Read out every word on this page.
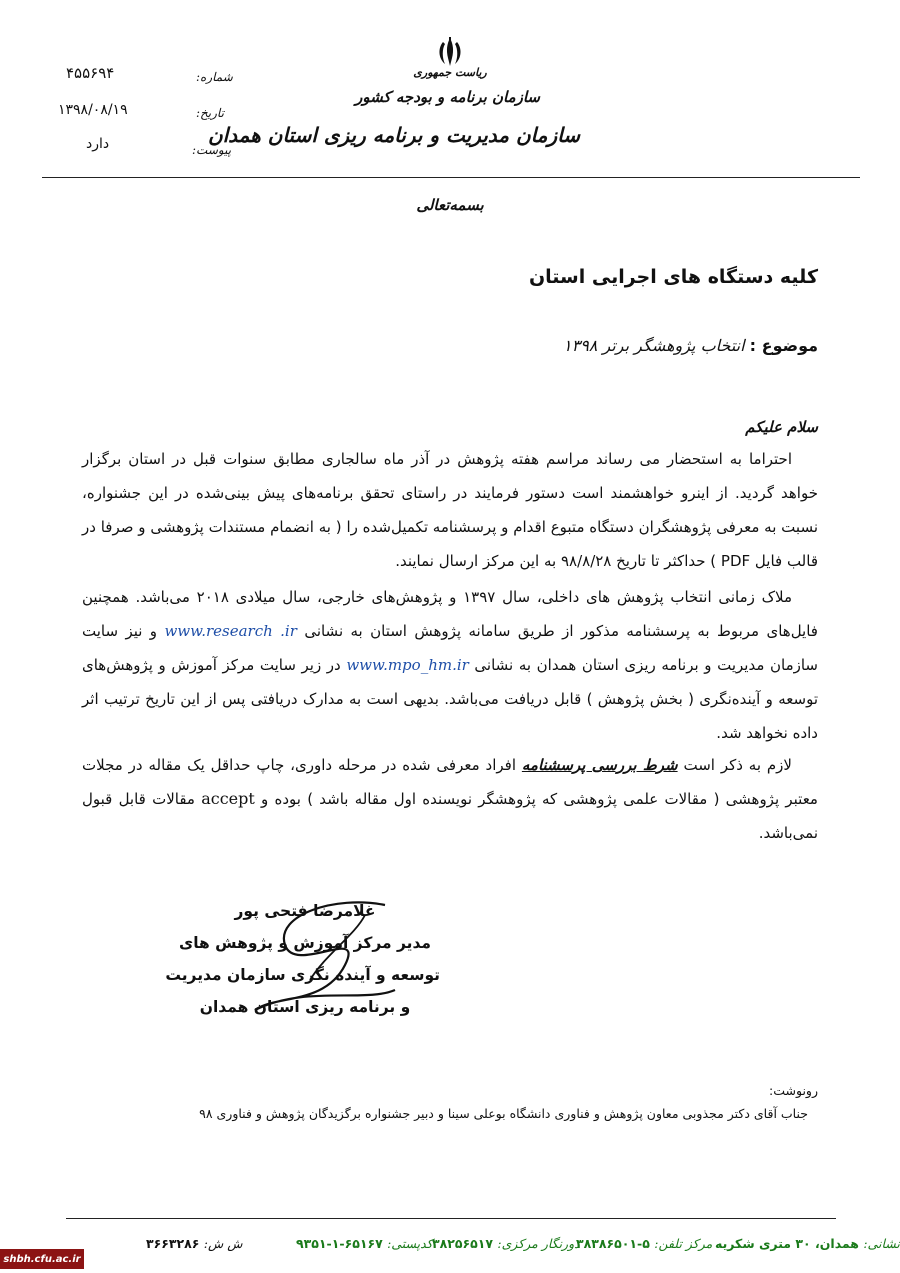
ریاست جمهوری
سازمان برنامه و بودجه کشور
سازمان مدیریت و برنامه ریزی استان همدان
شماره:
۴۵۵۶۹۴
تاریخ:
۱۳۹۸/۰۸/۱۹
پیوست:
دارد
بسمه‌تعالی
کلیه دستگاه های اجرایی استان
موضوع : انتخاب پژوهشگر برتر ۱۳۹۸
سلام علیکم
احتراما به استحضار می رساند مراسم هفته پژوهش در آذر ماه سالجاری مطابق سنوات قبل در استان برگزار خواهد گردید. از اینرو خواهشمند است دستور فرمایند در راستای تحقق برنامه‌های پیش بینی‌شده در این جشنواره، نسبت به معرفی پژوهشگران دستگاه متبوع اقدام و پرسشنامه تکمیل‌شده را ( به انضمام مستندات پژوهشی و صرفا در قالب فایل PDF ) حداکثر تا تاریخ ۹۸/۸/۲۸ به این مرکز ارسال نمایند.
ملاک زمانی انتخاب پژوهش های داخلی، سال ۱۳۹۷ و پژوهش‌های خارجی، سال میلادی ۲۰۱۸ می‌باشد. همچنین فایل‌های مربوط به پرسشنامه مذکور از طریق سامانه پژوهش استان به نشانی www.research .ir و نیز سایت سازمان مدیریت و برنامه ریزی استان همدان به نشانی www.mpo_hm.ir در زیر سایت مرکز آموزش و پژوهش‌های توسعه و آینده‌نگری ( بخش پژوهش ) قابل دریافت می‌باشد. بدیهی است به مدارک دریافتی پس از این تاریخ ترتیب اثر داده نخواهد شد.
لازم به ذکر است شرط بررسی پرسشنامه افراد معرفی شده در مرحله داوری، چاپ حداقل یک مقاله در مجلات معتبر پژوهشی ( مقالات علمی پژوهشی که پژوهشگر نویسنده اول مقاله باشد ) بوده و accept مقالات قابل قبول نمی‌باشد.
غلامرضا فتحی پور
مدیر مرکز آموزش و پژوهش های
توسعه و آینده نگری سازمان مدیریت
و برنامه ریزی استان همدان
رونوشت:
جناب آقای دکتر مجذوبی معاون پژوهش و فناوری دانشگاه بوعلی سینا و دبیر جشنواره برگزیدگان پژوهش و فناوری ۹۸
نشانی: همدان، ۳۰ متری شکریه
مرکز تلفن: ۵-۳۸۳۸۶۵۰۱
دورنگار مرکزی: ۳۸۲۵۶۵۱۷
کدپستی: ۶۵۱۶۷-۱-۹۳۵۱
ش ش: ۳۶۶۳۲۸۶
shbh.cfu.ac.ir
